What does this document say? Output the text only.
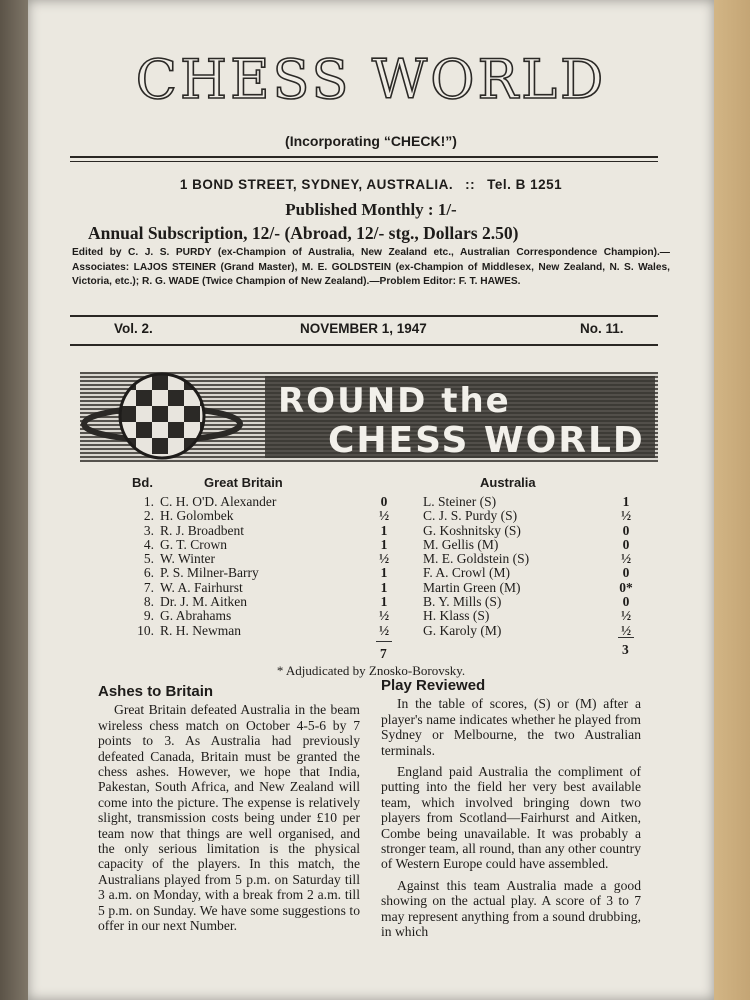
CHESS WORLD
(Incorporating “CHECK!”)
1 BOND STREET, SYDNEY, AUSTRALIA. :: Tel. B 1251
Published Monthly : 1/-
Annual Subscription, 12/- (Abroad, 12/- stg., Dollars 2.50)
Edited by C. J. S. PURDY (ex-Champion of Australia, New Zealand etc., Australian Correspondence Champion).—Associates: LAJOS STEINER (Grand Master), M. E. GOLDSTEIN (ex-Champion of Middlesex, New Zealand, N. S. Wales, Victoria, etc.); R. G. WADE (Twice Champion of New Zealand).—Problem Editor: F. T. HAWES.
Vol. 2.	NOVEMBER 1, 1947	No. 11.
ROUND the
CHESS WORLD
Bd.	Great Britain	Australia
1. C. H. O'D. Alexander	0	L. Steiner (S)	1
2. H. Golombek	½	C. J. S. Purdy (S)	½
3. R. J. Broadbent	1	G. Koshnitsky (S)	0
4. G. T. Crown	1	M. Gellis (M)	0
5. W. Winter	½	M. E. Goldstein (S)	½
6. P. S. Milner-Barry	1	F. A. Crowl (M)	0
7. W. A. Fairhurst	1	Martin Green (M)	0*
8. Dr. J. M. Aitken	1	B. Y. Mills (S)	0
9. G. Abrahams	½	H. Klass (S)	½
10. R. H. Newman	½	G. Karoly (M)	½
7	3
* Adjudicated by Znosko-Borovsky.
Ashes to Britain

Great Britain defeated Australia in the beam wireless chess match on October 4-5-6 by 7 points to 3. As Australia had previously defeated Canada, Britain must be granted the chess ashes. However, we hope that India, Pakestan, South Africa, and New Zealand will come into the picture. The expense is relatively slight, transmission costs being under £10 per team now that things are well organised, and the only serious limitation is the physical capacity of the players. In this match, the Australians played from 5 p.m. on Saturday till 3 a.m. on Monday, with a break from 2 a.m. till 5 p.m. on Sunday. We have some suggestions to offer in our next Number.

Play Reviewed

In the table of scores, (S) or (M) after a player's name indicates whether he played from Sydney or Melbourne, the two Australian terminals.

England paid Australia the compliment of putting into the field her very best available team, which involved bringing down two players from Scotland—Fairhurst and Aitken, Combe being unavailable. It was probably a stronger team, all round, than any other country of Western Europe could have assembled.

Against this team Australia made a good showing on the actual play. A score of 3 to 7 may represent anything from a sound drubbing, in which
